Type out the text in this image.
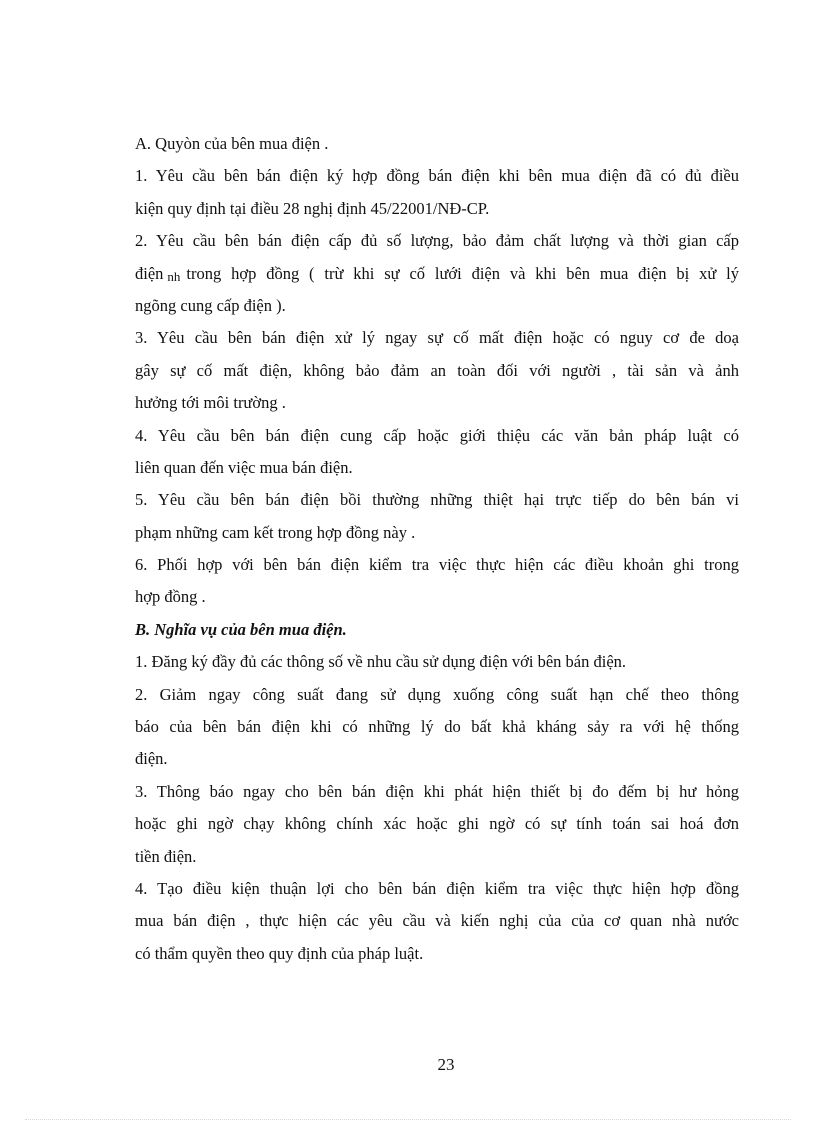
A. Quyòn của bên mua điện .
1. Yêu cầu bên bán điện ký hợp đồng bán điện khi bên mua điện đã có đủ điều
kiện quy định tại điều 28 nghị định 45/22001/NĐ-CP.
2. Yêu cầu bên bán điện cấp đủ số lượng, bảo đảm chất lượng và thời gian cấp
điện nh trong hợp đồng ( trừ khi sự cố lưới điện và khi bên mua điện bị xử lý
ngõng cung cấp điện ).
3. Yêu cầu bên bán điện xử lý ngay sự cố mất điện hoặc có nguy cơ đe doạ
gây sự cố mất điện, không bảo đảm an toàn đối với người , tài sản và ảnh
hưởng tới môi trường .
4. Yêu cầu bên bán điện cung cấp hoặc giới thiệu các văn bản pháp luật có
liên quan đến việc mua bán điện.
5. Yêu cầu bên bán điện bồi thường những thiệt hại trực tiếp do bên bán vi
phạm những cam kết trong hợp đồng này .
6. Phối hợp với bên bán điện kiểm tra việc thực hiện các điều khoản ghi trong
hợp đồng .
B. Nghĩa vụ của bên mua điện.
1. Đăng ký đầy đủ các thông số về nhu cầu sử dụng điện với bên bán điện.
2. Giảm ngay công suất đang sử dụng xuống công suất hạn chế theo thông
báo của bên bán điện khi có những lý do bất khả kháng sảy ra với hệ thống
điện.
3. Thông báo ngay cho bên bán điện khi phát hiện thiết bị đo đếm bị hư hỏng
hoặc ghi ngờ chạy không chính xác hoặc ghi ngờ có sự tính toán sai hoá đơn
tiền điện.
4. Tạo điều kiện thuận lợi cho bên bán điện kiểm tra việc thực hiện hợp đồng
mua bán điện , thực hiện các yêu cầu và kiến nghị của của cơ quan nhà nước
có thẩm quyền theo quy định của pháp luật.
23
